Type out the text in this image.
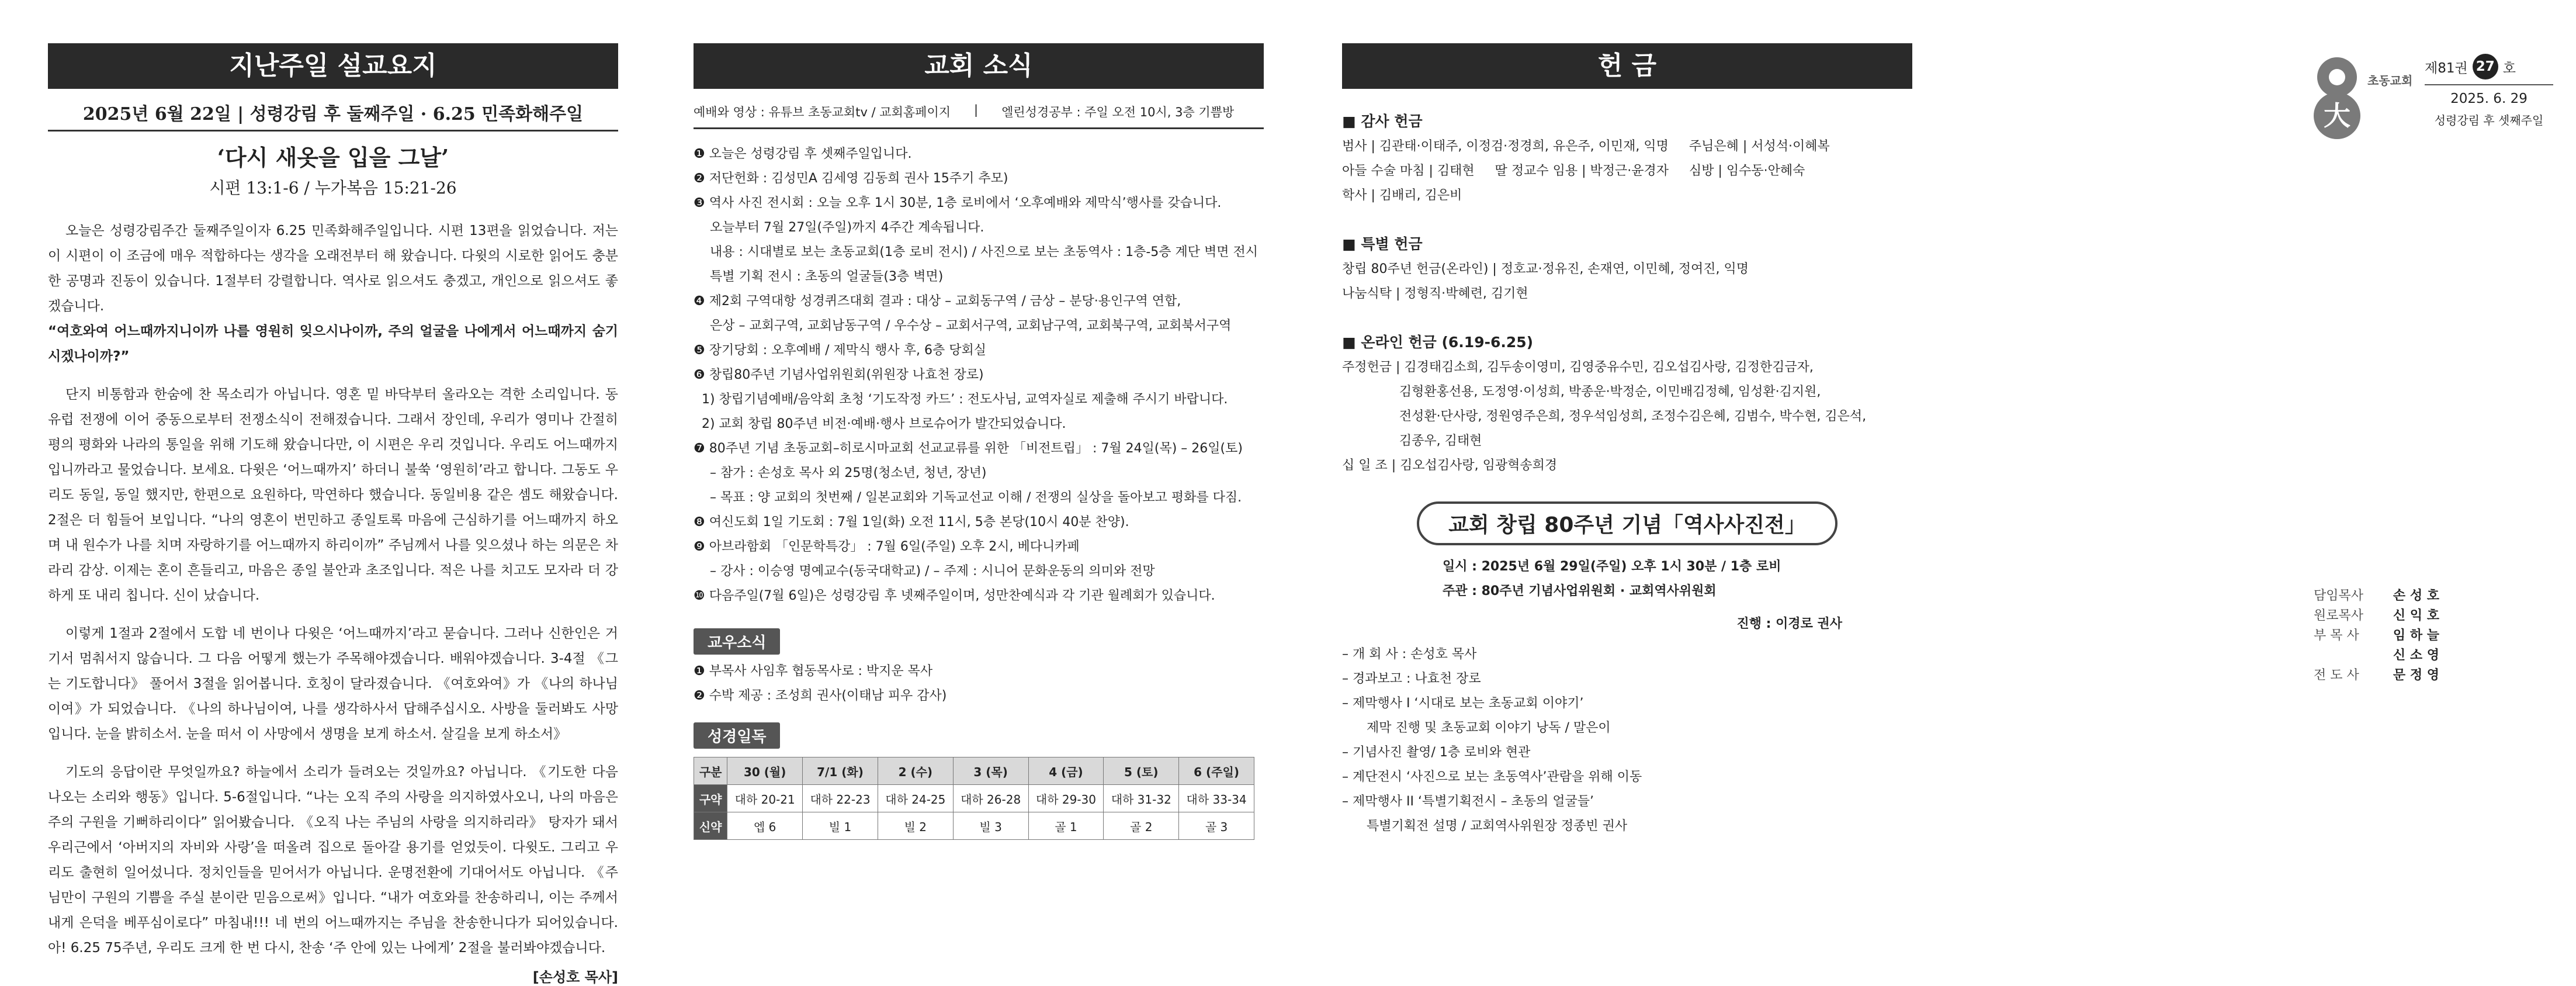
지난주일 설교요지
2025년 6월 22일 | 성령강림 후 둘째주일 · 6.25 민족화해주일
‘다시 새옷을 입을 그날’
시편 13:1-6 / 누가복음 15:21-26

오늘은 성령강림주간 둘째주일이자 6.25 민족화해주일입니다. 시편 13편을 읽었습니다. 저는 이 시편이 이 조금에 매우 적합하다는 생각을 오래전부터 해 왔습니다. 다윗의 시로한 읽어도 충분한 공명과 진동이 있습니다. 1절부터 강렬합니다. 역사로 읽으셔도 충겠고, 개인으로 읽으셔도 좋겠습니다.

“여호와여 어느때까지니이까 나를 영원히 잊으시나이까, 주의 얼굴을 나에게서 어느때까지 숨기시겠나이까?”

단지 비통함과 한숨에 찬 목소리가 아닙니다. 영혼 밑 바닥부터 올라오는 격한 소리입니다. 동유럽 전쟁에 이어 중동으로부터 전쟁소식이 전해졌습니다. 그래서 장인데, 우리가 영미나 간절히 평의 평화와 나라의 통일을 위해 기도해 왔습니다만, 이 시편은 우리 것입니다. 우리도 어느때까지입니까라고 물었습니다. 보세요. 다윗은 ‘어느때까지’ 하더니 불쑥 ‘영원히’라고 합니다. 그동도 우리도 동일, 동일 했지만, 한편으로 요원하다, 막연하다 했습니다. 동일비용 같은 셈도 해왔습니다. 2절은 더 힘들어 보입니다. “나의 영혼이 번민하고 종일토록 마음에 근심하기를 어느때까지 하오며 내 원수가 나를 치며 자랑하기를 어느때까지 하리이까” 주님께서 나를 잊으셨나 하는 의문은 차라리 감상. 이제는 혼이 흔들리고, 마음은 종일 불안과 초조입니다. 적은 나를 치고도 모자라 더 강하게 또 내리 칩니다. 신이 났습니다.

이렇게 1절과 2절에서 도합 네 번이나 다윗은 ‘어느때까지’라고 묻습니다. 그러나 신한인은 거기서 멈춰서지 않습니다. 그 다음 어떻게 했는가 주목해야겠습니다. 배워야겠습니다. 3-4절 《그는 기도합니다》 풀어서 3절을 읽어봅니다. 호칭이 달라졌습니다. 《여호와여》가 《나의 하나님이여》가 되었습니다. 《나의 하나님이여, 나를 생각하사서 답해주십시오. 사방을 둘러봐도 사망입니다. 눈을 밝히소서. 눈을 떠서 이 사망에서 생명을 보게 하소서. 살길을 보게 하소서》

기도의 응답이란 무엇일까요? 하늘에서 소리가 들려오는 것일까요? 아닙니다. 《기도한 다음 나오는 소리와 행동》입니다. 5-6절입니다. “나는 오직 주의 사랑을 의지하였사오니, 나의 마음은 주의 구원을 기뻐하리이다” 읽어봤습니다. 《오직 나는 주님의 사랑을 의지하리라》 탕자가 돼서 우리근에서 ‘아버지의 자비와 사랑’을 떠올려 집으로 돌아갈 용기를 얻었듯이. 다윗도. 그리고 우리도 출현히 일어섰니다. 정치인들을 믿어서가 아닙니다. 운명전환에 기대어서도 아닙니다. 《주님만이 구원의 기쁨을 주실 분이란 믿음으로써》입니다. “내가 여호와를 찬송하리니, 이는 주께서 내게 은덕을 베푸심이로다” 마침내!!! 네 번의 어느때까지는 주님을 찬송한니다가 되어있습니다. 아! 6.25 75주년, 우리도 크게 한 번 다시, 찬송 ‘주 안에 있는 나에게’ 2절을 불러봐야겠습니다.

[손성호 목사]
교회 소식
예배와 영상 : 유튜브 초동교회tv / 교회홈페이지 | 엘린성경공부 : 주일 오전 10시, 3층 기쁨방
❶ 오늘은 성령강림 후 셋째주일입니다.
❷ 저단헌화 : 김성민A 김세영 김동희 권사 15주기 추모)
❸ 역사 사진 전시회 : 오늘 오후 1시 30분, 1층 로비에서 ‘오후예배와 제막식’행사를 갖습니다.
오늘부터 7월 27일(주일)까지 4주간 계속됩니다.
내용 : 시대별로 보는 초동교회(1층 로비 전시) / 사진으로 보는 초동역사 : 1층-5층 계단 벽면 전시
특별 기획 전시 : 초동의 얼굴들(3층 벽면)
❹ 제2회 구역대항 성경퀴즈대회 결과 : 대상 – 교회동구역 / 금상 – 분당·용인구역 연합,
은상 – 교회구역, 교회남동구역 / 우수상 – 교회서구역, 교회남구역, 교회북구역, 교회북서구역
❺ 장기당회 : 오후예배 / 제막식 행사 후, 6층 당회실
❻ 창립80주년 기념사업위원회(위원장 나효천 장로)
1) 창립기념예배/음악회 초청 ‘기도작정 카드’ : 전도사님, 교역자실로 제출해 주시기 바랍니다.
2) 교회 창립 80주년 비전·예배·행사 브로슈어가 발간되었습니다.
❼ 80주년 기념 초동교회–히로시마교회 선교교류를 위한 「비전트립」 : 7월 24일(목) – 26일(토)
– 참가 : 손성호 목사 외 25명(청소년, 청년, 장년)
– 목표 : 양 교회의 첫번째 / 일본교회와 기독교선교 이해 / 전쟁의 실상을 돌아보고 평화를 다짐.
❽ 여신도회 1일 기도회 : 7월 1일(화) 오전 11시, 5층 본당(10시 40분 찬양).
❾ 아브라함회 「인문학특강」 : 7월 6일(주일) 오후 2시, 베다니카페
– 강사 : 이승영 명예교수(동국대학교) / – 주제 : 시니어 문화운동의 의미와 전망
❿ 다음주일(7월 6일)은 성령강림 후 넷째주일이며, 성만찬예식과 각 기관 월례회가 있습니다.
교우소식
❶ 부목사 사임후 협동목사로 : 박지운 목사
❷ 수박 제공 : 조성희 권사(이태남 피우 감사)
성경일독
구분	30 (월)	7/1 (화)	2 (수)	3 (목)	4 (금)	5 (토)	6 (주일)
구약	대하 20-21	대하 22-23	대하 24-25	대하 26-28	대하 29-30	대하 31-32	대하 33-34
신약	엡 6	빌 1	빌 2	빌 3	골 1	골 2	골 3
헌 금
■ 감사 헌금
범사 | 김관태·이태주, 이정검·정경희, 유은주, 이민재, 익명     주님은혜 | 서성석·이혜복
아들 수술 마침 | 김태현     딸 정교수 임용 | 박정근·윤경자     심방 | 임수동·안혜숙
학사 | 김배리, 김은비
■ 특별 헌금
창립 80주년 헌금(온라인) | 정호교·정유진, 손재연, 이민혜, 정여진, 익명
나눔식탁 | 정형직·박혜련, 김기현
■ 온라인 헌금 (6.19-6.25)
주정헌금 | 김경태김소희, 김두송이영미, 김영중유수민, 김오섭김사랑, 김정한김금자,
김형환홍선용, 도정영·이성희, 박종운·박정순, 이민배김정혜, 임성환·김지원,
전성환·단사랑, 정원영주은희, 정우석임성희, 조정수김은혜, 김범수, 박수현, 김은석,
김종우, 김태현
십 일 조 | 김오섭김사랑, 임광혁송희경
교회 창립 80주년 기념「역사사진전」
일시 : 2025년 6월 29일(주일) 오후 1시 30분 / 1층 로비
주관 : 80주년 기념사업위원회 · 교회역사위원회
진행 : 이경로 권사
– 개 회 사 : 손성호 목사
– 경과보고 : 나효천 장로
– 제막행사 I ‘시대로 보는 초동교회 이야기’
제막 진행 및 초동교회 이야기 낭독 / 말은이
– 기념사진 촬영/ 1층 로비와 현관
– 계단전시 ‘사진으로 보는 초동역사’관람을 위해 이동
– 제막행사 II ‘특별기획전시 – 초동의 얼굴들’
특별기획전 설명 / 교회역사위원장 정종빈 권사
大
초동교회
제81권 27 호
2025. 6. 29
성령강림 후 셋째주일
담임목사 손 성 호
원로목사 신 익 호
부 목 사	임 하 늘
신 소 영
전 도 사	문 정 영
